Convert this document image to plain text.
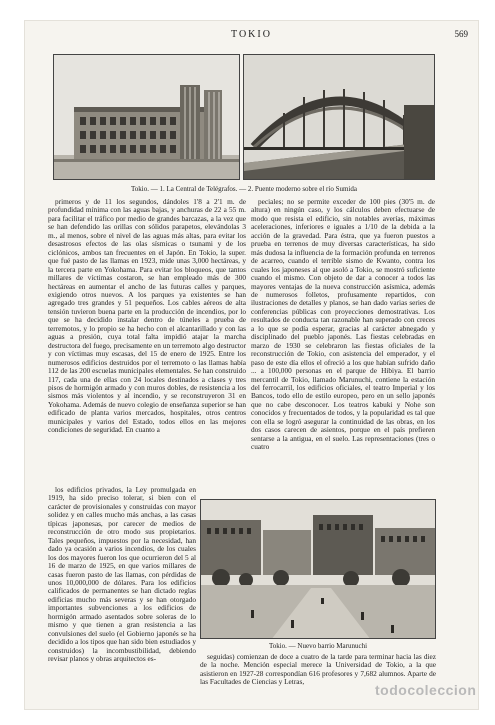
TOKIO	569
Tokio. — 1. La Central de Telégrafos. — 2. Puente moderno sobre el río Sumida

primeros y de 11 los segundos, dándoles 1'8 a 2'1 m. de profundidad mínima con las aguas bajas, y anchuras de 22 a 55 m. para facilitar el tráfico por medio de grandes barcazas, a la vez que se han defendido las orillas con sólidos parapetos, elevándolas 3 m., al menos, sobre el nivel de las aguas más altas, para evitar los desastrosos efectos de las olas sísmicas o tsunami y de los ciclónicos, ambos tan frecuentes en el Japón. En Tokio, la super. que fué pasto de las llamas en 1923, mide unas 3,000 hectáreas, y la tercera parte en Yokohama. Para evitar los bloqueos, que tantos millares de víctimas costaron, se han empleado más de 300 hectáreas en aumentar el ancho de las futuras calles y parques, exigiendo otros nuevos. A los parques ya existentes se han agregado tres grandes y 51 pequeños. Los cables aéreos de alta tensión tuvieron buena parte en la producción de incendios, por lo que se ha decidido instalar dentro de túneles a prueba de terremotos, y lo propio se ha hecho con el alcantarillado y con las aguas a presión, cuya total falta impidió atajar la marcha destructora del fuego, precisamente en un terremoto algo destructor y con víctimas muy escasas, del 15 de enero de 1925. Entre los numerosos edificios destruidos por el terremoto o las llamas había 112 de las 200 escuelas municipales elementales. Se han construido 117, cada una de ellas con 24 locales destinados a clases y tres pisos de hormigón armado y con muros dobles, de resistencia a los sismos más violentos y al incendio, y se reconstruyeron 31 en Yokohama. Además de nuevo colegio de enseñanza superior se han edificado de planta varios mercados, hospitales, otros centros municipales y varios del Estado, todos ellos en las mejores condiciones de seguridad. En cuanto a

los edificios privados, la Ley promulgada en 1919, ha sido preciso tolerar, si bien con el carácter de provisionales y construidas con mayor solidez y en calles mucho más anchas, a las casas típicas japonesas, por carecer de medios de reconstrucción de otro modo sus propietarios. Tales pequeños, impuestos por la necesidad, han dado ya ocasión a varios incendios, de los cuales los dos mayores fueron los que ocurrieron del 5 al 16 de marzo de 1925, en que varios millares de casas fueron pasto de las llamas, con pérdidas de unos 10,000,000 de dólares. Para los edificios calificados de permanentes se han dictado reglas edificias mucho más severas y se han otorgado importantes subvenciones a los edificios de hormigón armado asentados sobre soleras de lo mismo y que tienen a gran resistencia a las convulsiones del suelo (el Gobierno japonés se ha decidido a los tipos que han sido bien estudiados y construidos) la incombustibilidad, debiendo revisar planos y obras arquitectos es-

peciales; no se permite exceder de 100 pies (30'5 m. de altura) en ningún caso, y los cálculos deben efectuarse de modo que resista el edificio, sin notables averías, máximas aceleraciones, inferiores e iguales a 1/10 de la debida a la acción de la gravedad. Para éstra, que ya fueron puestos a prueba en terrenos de muy diversas características, ha sido más dudosa la influencia de la formación profunda en terrenos de acarreo, cuando el terrible sismo de Kwanto, contra los cuales los japoneses al que asoló a Tokio, se mostró suficiente cuando el mismo. Con objeto de dar a conocer a todos las mayores ventajas de la nueva construcción asísmica, además de numerosos folletos, profusamente repartidos, con ilustraciones de detalles y planos, se han dado varias series de conferencias públicas con proyecciones demostrativas. Los resultados de conducta tan razonable han superado con creces a lo que se podía esperar, gracias al carácter abnegado y disciplinado del pueblo japonés. Las fiestas celebradas en marzo de 1930 se celebraron las fiestas oficiales de la reconstrucción de Tokio, con asistencia del emperador, y el paso de este día ellos el ofreció a los que habían sufrido daño ... a 100,000 personas en el parque de Hibiya. El barrio mercantil de Tokio, llamado Marunuchi, contiene la estación del ferrocarril, los edificios oficiales, el teatro Imperial y los Bancos, todo ello de estilo europeo, pero en un sello japonés que no cabe desconocer. Los teatros kabuki y Nohe son conocidos y frecuentados de todos, y la popularidad es tal que con ella se logró asegurar la continuidad de las obras, en los dos casos carecen de asientos, porque en el país prefieren sentarse a la antigua, en el suelo. Las representaciones (tres o cuatro

Tokio. — Nuevo barrio Marunuchi

seguidas) comienzan de doce a cuatro de la tarde para terminar hacia las diez de la noche. Mención especial merece la Universidad de Tokio, a la que asistieron en 1927-28 correspondían 616 profesores y 7,682 alumnos. Aparte de las Facultades de Ciencias y Letras,

todocoleccion
